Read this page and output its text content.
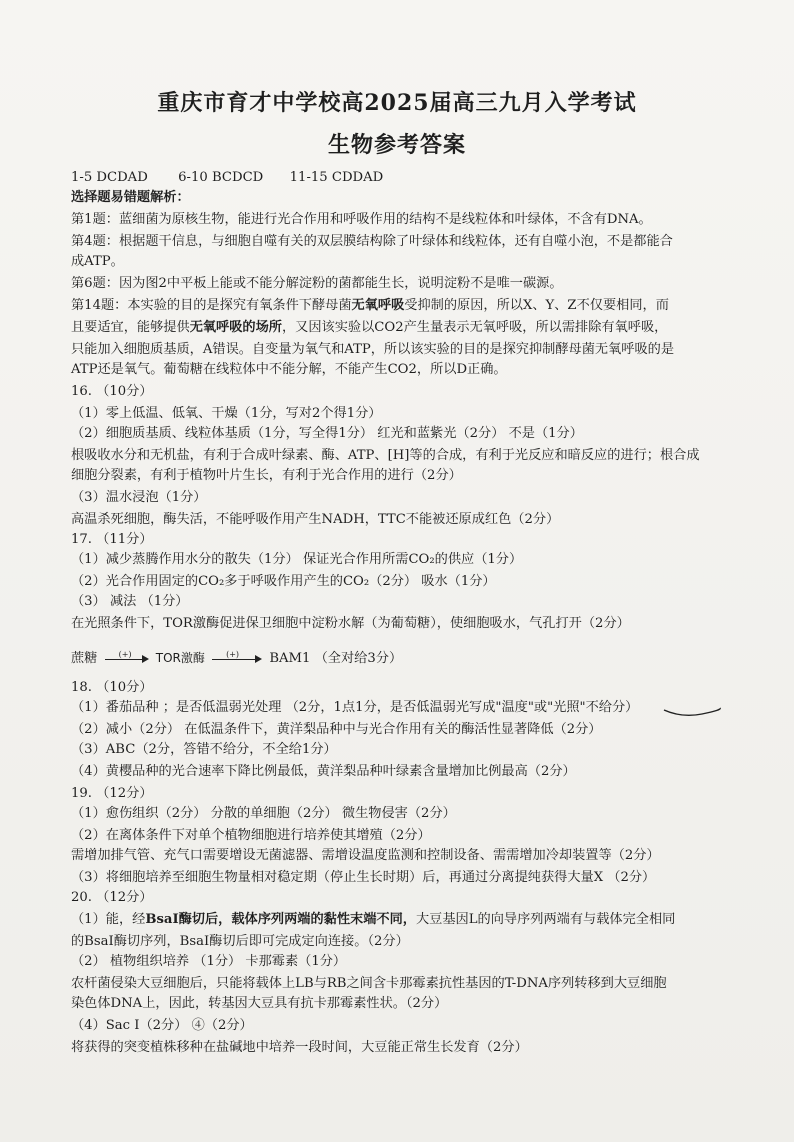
重庆市育才中学校高2025届高三九月入学考试
生物参考答案
1-5 DCDAD 6-10 BCDCD 11-15 CDDAD
选择题易错题解析：
第1题：蓝细菌为原核生物，能进行光合作用和呼吸作用的结构不是线粒体和叶绿体，不含有DNA。
第4题：根据题干信息，与细胞自噬有关的双层膜结构除了叶绿体和线粒体，还有自噬小泡，不是都能合
成ATP。
第6题：因为图2中平板上能或不能分解淀粉的菌都能生长，说明淀粉不是唯一碳源。
第14题：本实验的目的是探究有氧条件下酵母菌无氧呼吸受抑制的原因，所以X、Y、Z不仅要相同，而
且要适宜，能够提供无氧呼吸的场所，又因该实验以CO2产生量表示无氧呼吸，所以需排除有氧呼吸，
只能加入细胞质基质，A错误。自变量为氧气和ATP，所以该实验的目的是探究抑制酵母菌无氧呼吸的是
ATP还是氧气。葡萄糖在线粒体中不能分解，不能产生CO2，所以D正确。
16. （10分）
（1）零上低温、低氧、干燥（1分，写对2个得1分）
（2）细胞质基质、线粒体基质（1分，写全得1分） 红光和蓝紫光（2分） 不是（1分）
根吸收水分和无机盐，有利于合成叶绿素、酶、ATP、[H]等的合成，有利于光反应和暗反应的进行；根合成
细胞分裂素，有利于植物叶片生长，有利于光合作用的进行（2分）
（3）温水浸泡（1分）
高温杀死细胞，酶失活，不能呼吸作用产生NADH，TTC不能被还原成红色（2分）
17. （11分）
（1）减少蒸腾作用水分的散失（1分） 保证光合作用所需CO₂的供应（1分）
（2）光合作用固定的CO₂多于呼吸作用产生的CO₂（2分） 吸水（1分）
（3） 减法 （1分）
在光照条件下，TOR激酶促进保卫细胞中淀粉水解（为葡萄糖），使细胞吸水，气孔打开（2分）
蔗糖	(+) TOR激酶	(+) BAM1 （全对给3分）
18. （10分）
（1）番茄品种 ；是否低温弱光处理 （2分，1点1分，是否低温弱光写成"温度"或"光照"不给分）
（2）减小（2分） 在低温条件下，黄洋梨品种中与光合作用有关的酶活性显著降低（2分）
（3）ABC（2分，答错不给分，不全给1分）
（4）黄樱品种的光合速率下降比例最低，黄洋梨品种叶绿素含量增加比例最高（2分）
19. （12分）
（1）愈伤组织（2分） 分散的单细胞（2分） 微生物侵害（2分）
（2）在离体条件下对单个植物细胞进行培养使其增殖（2分）
需增加排气管、充气口需要增设无菌滤器、需增设温度监测和控制设备、需需增加冷却装置等（2分）
（3）将细胞培养至细胞生物量相对稳定期（停止生长时期）后，再通过分离提纯获得大量X （2分）
20. （12分）
（1）能，经BsaI酶切后，载体序列两端的黏性末端不同，大豆基因L的向导序列两端有与载体完全相同
的BsaI酶切序列，BsaI酶切后即可完成定向连接。（2分）
（2） 植物组织培养 （1分） 卡那霉素（1分）
农杆菌侵染大豆细胞后，只能将载体上LB与RB之间含卡那霉素抗性基因的T-DNA序列转移到大豆细胞
染色体DNA上，因此，转基因大豆具有抗卡那霉素性状。（2分）
（4）Sac I（2分） ④（2分）
将获得的突变植株移种在盐碱地中培养一段时间，大豆能正常生长发育（2分）
